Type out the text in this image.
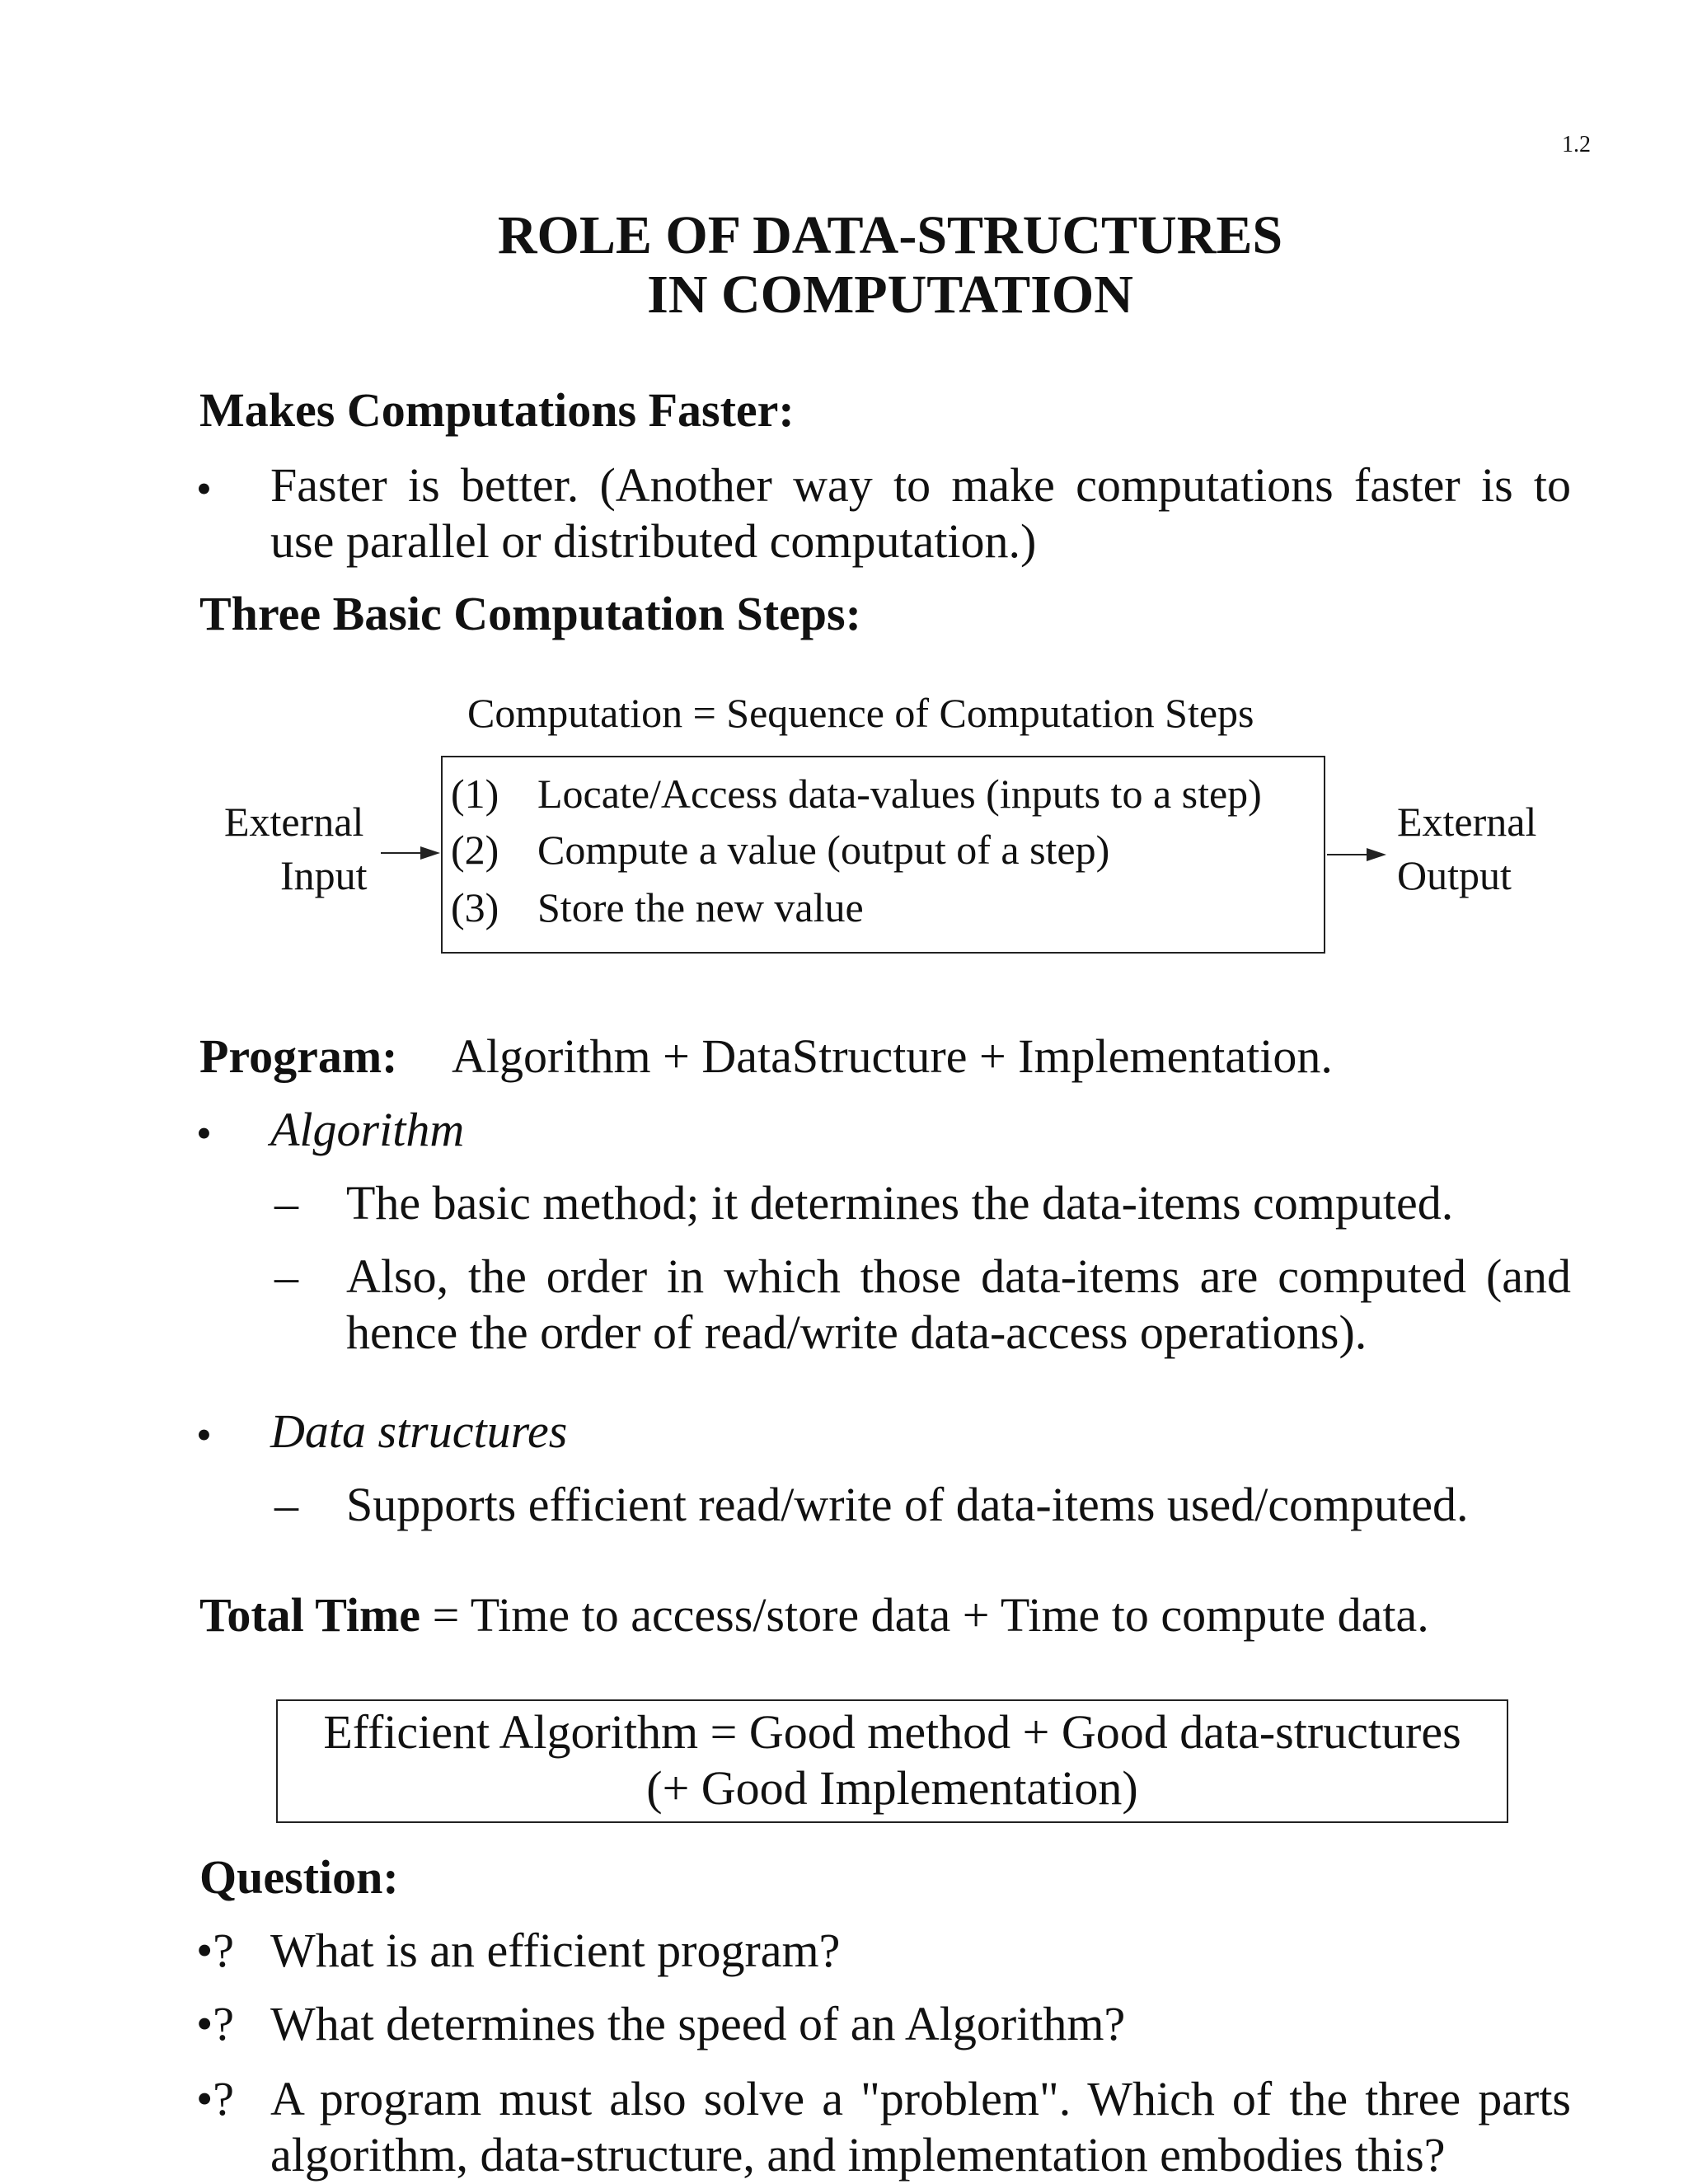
1.2
ROLE OF DATA-STRUCTURES
IN COMPUTATION
Makes Computations Faster:
• Faster is better. (Another way to make computations faster is to
use parallel or distributed computation.)
Three Basic Computation Steps:
Computation = Sequence of Computation Steps
External
Input
(1) Locate/Access data-values (inputs to a step)
(2) Compute a value (output of a step)
(3) Store the new value
External
Output
Program: Algorithm + DataStructure + Implementation.
• Algorithm
– The basic method; it determines the data-items computed.
– Also, the order in which those data-items are computed (and
hence the order of read/write data-access operations).
• Data structures
– Supports efficient read/write of data-items used/computed.
Total Time = Time to access/store data + Time to compute data.
Efficient Algorithm = Good method + Good data-structures
(+ Good Implementation)
Question:
•? What is an efficient program?
•? What determines the speed of an Algorithm?
•? A program must also solve a "problem". Which of the three parts
algorithm, data-structure, and implementation embodies this?
